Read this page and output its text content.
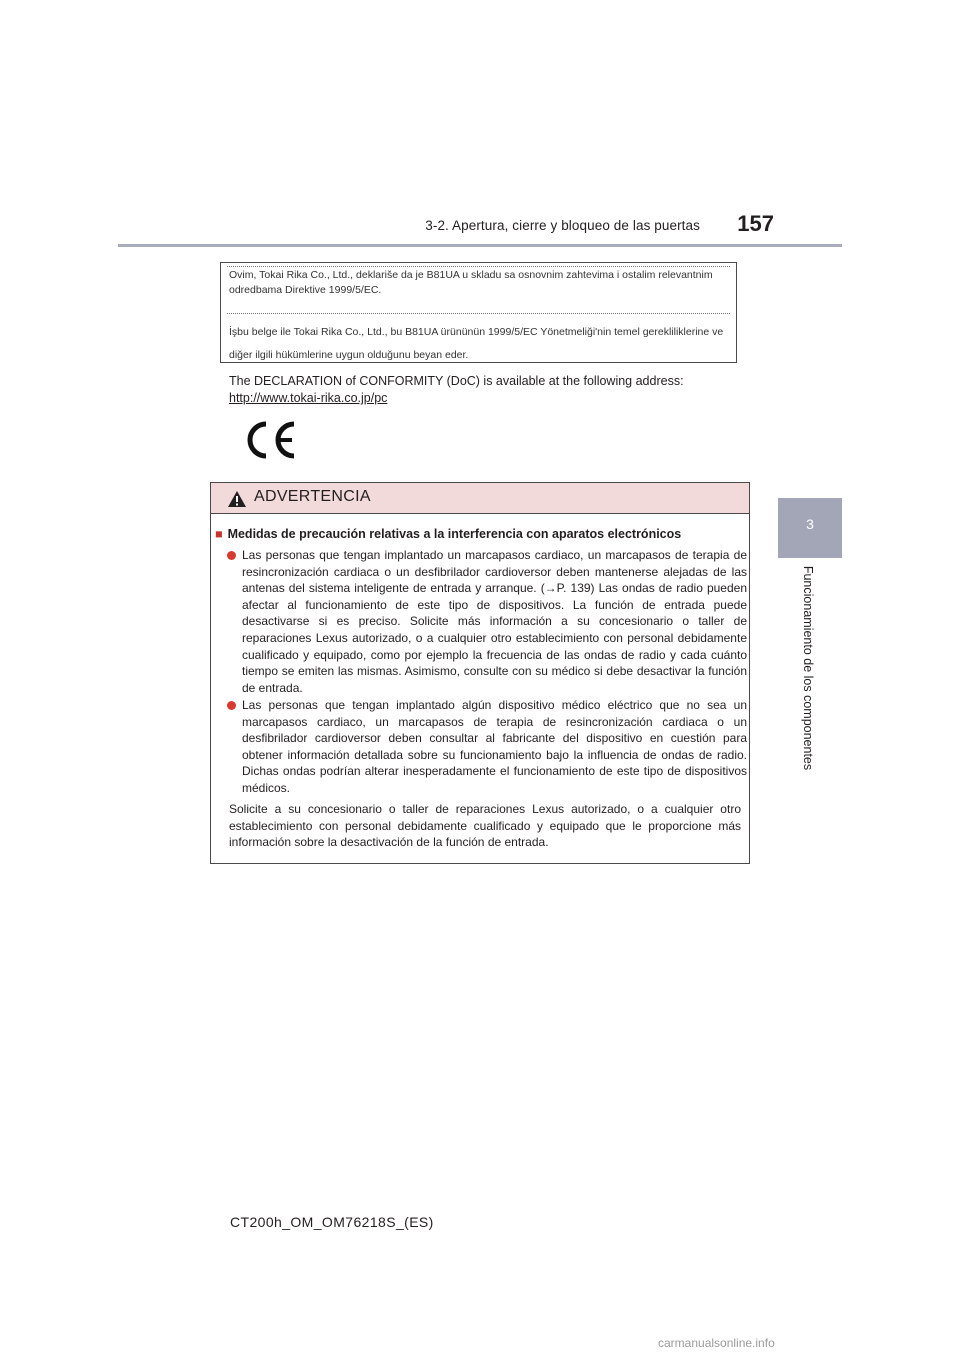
3-2. Apertura, cierre y bloqueo de las puertas	157
3
Funcionamiento de los componentes
Ovim, Tokai Rika Co., Ltd., deklariše da je B81UA u skladu sa osnovnim zahtevima i ostalim relevantnim odredbama Direktive 1999/5/EC.
İşbu belge ile Tokai Rika Co., Ltd., bu B81UA ürününün 1999/5/EC Yönetmeliği'nin temel gerekliliklerine ve diğer ilgili hükümlerine uygun olduğunu beyan eder.
The DECLARATION of CONFORMITY (DoC) is available at the following address:
http://www.tokai-rika.co.jp/pc
ADVERTENCIA
■ Medidas de precaución relativas a la interferencia con aparatos electrónicos
Las personas que tengan implantado un marcapasos cardiaco, un marcapasos de terapia de resincronización cardiaca o un desfibrilador cardioversor deben mantenerse alejadas de las antenas del sistema inteligente de entrada y arranque. (→P. 139) Las ondas de radio pueden afectar al funcionamiento de este tipo de dispositivos. La función de entrada puede desactivarse si es preciso. Solicite más información a su concesionario o taller de reparaciones Lexus autorizado, o a cualquier otro establecimiento con personal debidamente cualificado y equipado, como por ejemplo la frecuencia de las ondas de radio y cada cuánto tiempo se emiten las mismas. Asimismo, consulte con su médico si debe desactivar la función de entrada.
Las personas que tengan implantado algún dispositivo médico eléctrico que no sea un marcapasos cardiaco, un marcapasos de terapia de resincronización cardiaca o un desfibrilador cardioversor deben consultar al fabricante del dispositivo en cuestión para obtener información detallada sobre su funcionamiento bajo la influencia de ondas de radio. Dichas ondas podrían alterar inesperadamente el funcionamiento de este tipo de dispositivos médicos.
Solicite a su concesionario o taller de reparaciones Lexus autorizado, o a cualquier otro establecimiento con personal debidamente cualificado y equipado que le proporcione más información sobre la desactivación de la función de entrada.
CT200h_OM_OM76218S_(ES)
carmanualsonline.info
